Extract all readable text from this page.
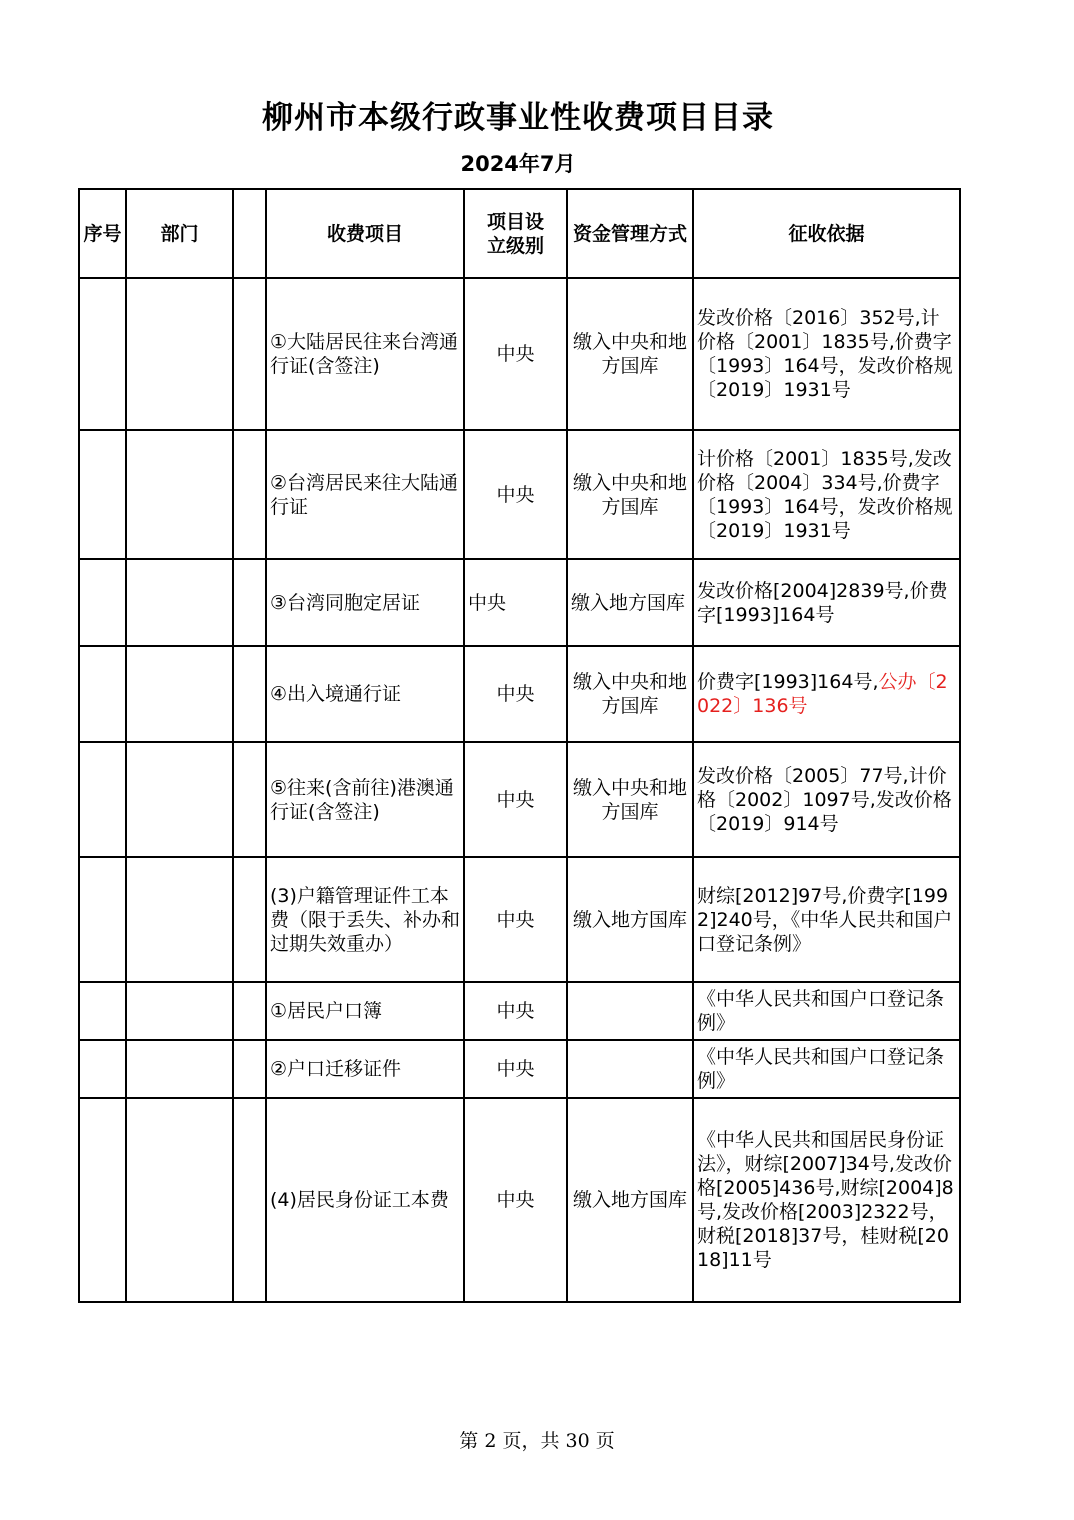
柳州市本级行政事业性收费项目目录
2024年7月
序号	部门		收费项目	项目设立级别	资金管理方式	征收依据
			①大陆居民往来台湾通行证(含签注)	中央	缴入中央和地方国库	发改价格〔2016〕352号,计价格〔2001〕1835号,价费字〔1993〕164号，发改价格规〔2019〕1931号
			②台湾居民来往大陆通行证	中央	缴入中央和地方国库	计价格〔2001〕1835号,发改价格〔2004〕334号,价费字〔1993〕164号，发改价格规〔2019〕1931号
			③台湾同胞定居证	中央	缴入地方国库	发改价格[2004]2839号,价费字[1993]164号
			④出入境通行证	中央	缴入中央和地方国库	价费字[1993]164号,公办〔2022〕136号
			⑤往来(含前往)港澳通行证(含签注)	中央	缴入中央和地方国库	发改价格〔2005〕77号,计价格〔2002〕1097号,发改价格〔2019〕914号
			(3)户籍管理证件工本费（限于丢失、补办和过期失效重办）	中央	缴入地方国库	财综[2012]97号,价费字[1992]240号，《中华人民共和国户口登记条例》
			①居民户口簿	中央		《中华人民共和国户口登记条例》
			②户口迁移证件	中央		《中华人民共和国户口登记条例》
			(4)居民身份证工本费	中央	缴入地方国库	《中华人民共和国居民身份证法》，财综[2007]34号,发改价格[2005]436号,财综[2004]8号,发改价格[2003]2322号，财税[2018]37号，桂财税[2018]11号
第 2 页，共 30 页
